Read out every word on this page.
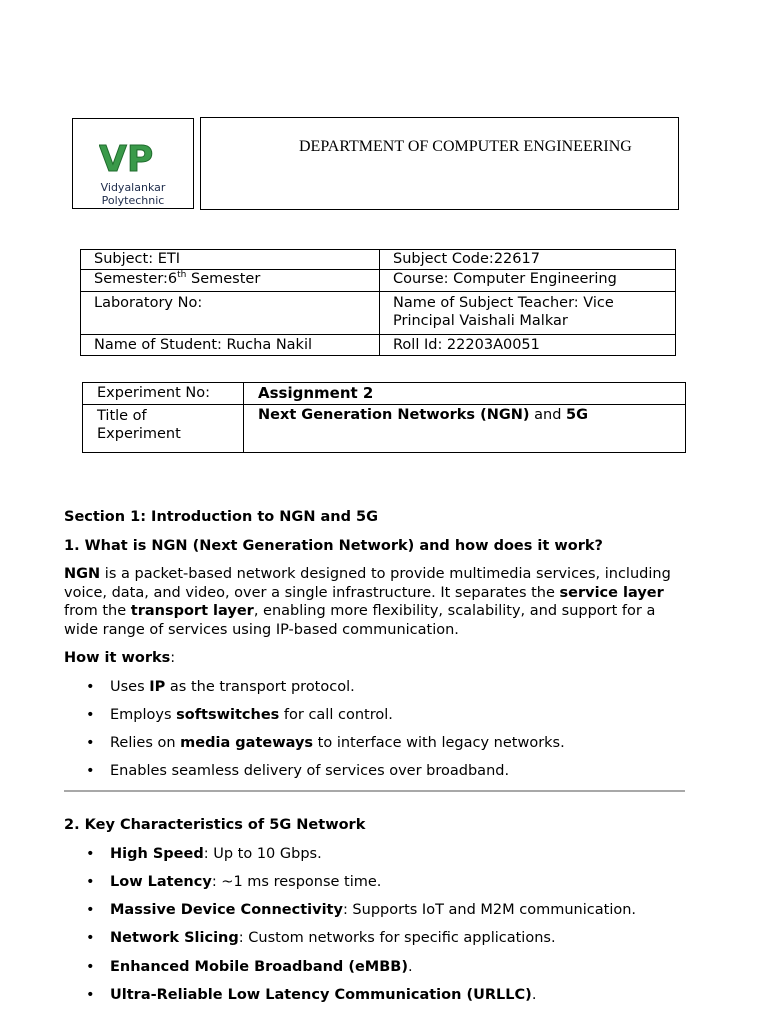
VP
Vidyalankar
Polytechnic
DEPARTMENT OF COMPUTER ENGINEERING
Subject: ETI	Subject Code:22617
Semester:6th Semester	Course: Computer Engineering
Laboratory No:	Name of Subject Teacher: Vice
Principal Vaishali Malkar

Name of Student: Rucha Nakil	Roll Id: 22203A0051
Experiment No:	Assignment 2

Title of
Experiment	Next Generation Networks (NGN) and 5G

Section 1: Introduction to NGN and 5G

1. What is NGN (Next Generation Network) and how does it work?

NGN is a packet-based network designed to provide multimedia services, including voice, data, and video, over a single infrastructure. It separates the service layer from the transport layer, enabling more flexibility, scalability, and support for a wide range of services using IP-based communication.

How it works:

• Uses IP as the transport protocol.
• Employs softswitches for call control.
• Relies on media gateways to interface with legacy networks.
• Enables seamless delivery of services over broadband.

2. Key Characteristics of 5G Network

• High Speed: Up to 10 Gbps.
• Low Latency: ~1 ms response time.
• Massive Device Connectivity: Supports IoT and M2M communication.
• Network Slicing: Custom networks for specific applications.
• Enhanced Mobile Broadband (eMBB).
• Ultra-Reliable Low Latency Communication (URLLC).
